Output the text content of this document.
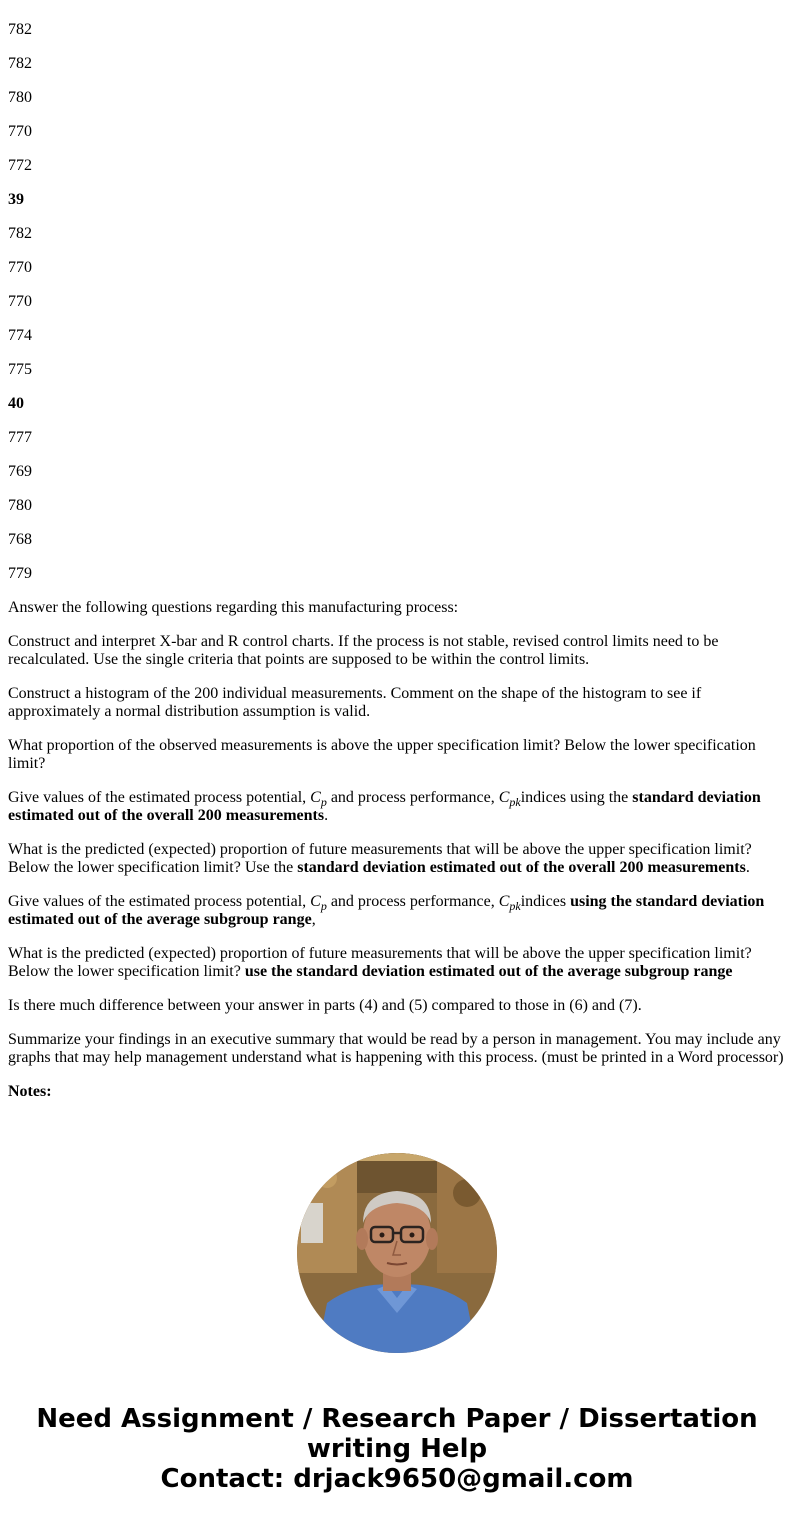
782

782

780

770

772

39

782

770

770

774

775

40

777

769

780

768

779

Answer the following questions regarding this manufacturing process:

Construct and interpret X-bar and R control charts. If the process is not stable, revised control limits need to be recalculated. Use the single criteria that points are supposed to be within the control limits.

Construct a histogram of the 200 individual measurements. Comment on the shape of the histogram to see if approximately a normal distribution assumption is valid.

What proportion of the observed measurements is above the upper specification limit? Below the lower specification limit?

Give values of the estimated process potential, $C_p$ and process performance, $C_{pk}indices$ using the standard deviation estimated out of the overall 200 measurements.

What is the predicted (expected) proportion of future measurements that will be above the upper specification limit? Below the lower specification limit? Use the standard deviation estimated out of the overall 200 measurements.

Give values of the estimated process potential, $C_p$ and process performance, $C_{pk}indices$ using the standard deviation estimated out of the average subgroup range,

What is the predicted (expected) proportion of future measurements that will be above the upper specification limit? Below the lower specification limit? use the standard deviation estimated out of the average subgroup range

Is there much difference between your answer in parts (4) and (5) compared to those in (6) and (7).

Summarize your findings in an executive summary that would be read by a person in management. You may include any graphs that may help management understand what is happening with this process. (must be printed in a Word processor)

Notes:

Need Assignment / Research Paper / Dissertation
writing Help
Contact: drjack9650@gmail.com
